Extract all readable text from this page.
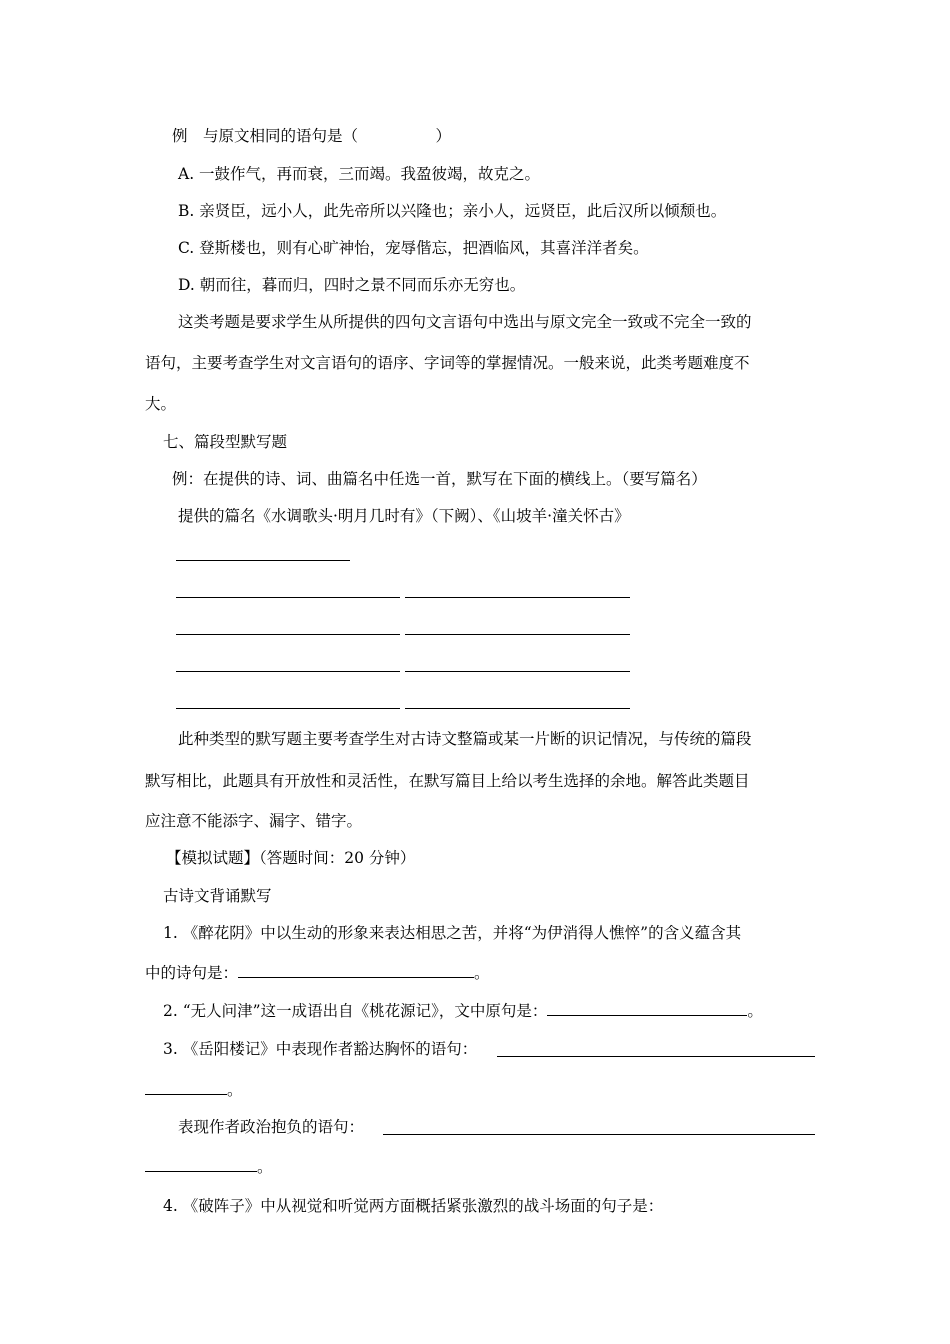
例　与原文相同的语句是（　　　　　）
A. 一鼓作气，再而衰，三而竭。我盈彼竭，故克之。
B. 亲贤臣，远小人，此先帝所以兴隆也；亲小人，远贤臣，此后汉所以倾颓也。
C. 登斯楼也，则有心旷神怡，宠辱偕忘，把酒临风，其喜洋洋者矣。
D. 朝而往，暮而归，四时之景不同而乐亦无穷也。
这类考题是要求学生从所提供的四句文言语句中选出与原文完全一致或不完全一致的
语句，主要考查学生对文言语句的语序、字词等的掌握情况。一般来说，此类考题难度不
大。
七、篇段型默写题
例：在提供的诗、词、曲篇名中任选一首，默写在下面的横线上。（要写篇名）
提供的篇名《水调歌头·明月几时有》（下阙）、《山坡羊·潼关怀古》
此种类型的默写题主要考查学生对古诗文整篇或某一片断的识记情况，与传统的篇段
默写相比，此题具有开放性和灵活性，在默写篇目上给以考生选择的余地。解答此类题目
应注意不能添字、漏字、错字。
【模拟试题】（答题时间：20 分钟）
古诗文背诵默写
1. 《醉花阴》中以生动的形象来表达相思之苦，并将“为伊消得人憔悴”的含义蕴含其
中的诗句是：	。
2. “无人问津”这一成语出自《桃花源记》，文中原句是：	。
3. 《岳阳楼记》中表现作者豁达胸怀的语句：
。
表现作者政治抱负的语句：
。
4. 《破阵子》中从视觉和听觉两方面概括紧张激烈的战斗场面的句子是：
